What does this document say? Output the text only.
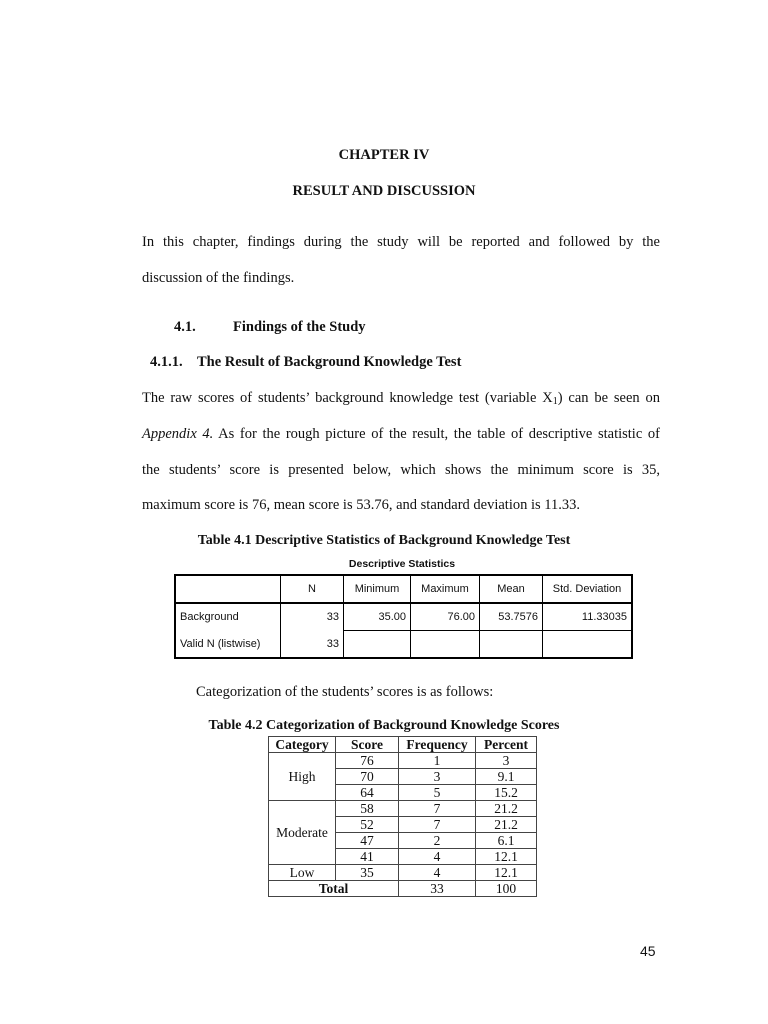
CHAPTER IV
RESULT AND DISCUSSION
In this chapter, findings during the study will be reported and followed by the
discussion of the findings.
4.1.	Findings of the Study
4.1.1. The Result of Background Knowledge Test
The raw scores of students’ background knowledge test (variable $X_1$) can be seen on
Appendix 4. As for the rough picture of the result, the table of descriptive statistic of
the students’ score is presented below, which shows the minimum score is 35,
maximum score is 76, mean score is 53.76, and standard deviation is 11.33.
Table 4.1 Descriptive Statistics of Background Knowledge Test
Descriptive Statistics
	N	Minimum	Maximum	Mean	Std. Deviation
Background	33	35.00	76.00	53.7576	11.33035
Valid N (listwise)	33				
Categorization of the students’ scores is as follows:
Table 4.2 Categorization of Background Knowledge Scores
Category	Score	Frequency	Percent
High	76	1	3
	70	3	9.1
	64	5	15.2
Moderate	58	7	21.2
	52	7	21.2
	47	2	6.1
	41	4	12.1
Low	35	4	12.1
Total		33	100
45
